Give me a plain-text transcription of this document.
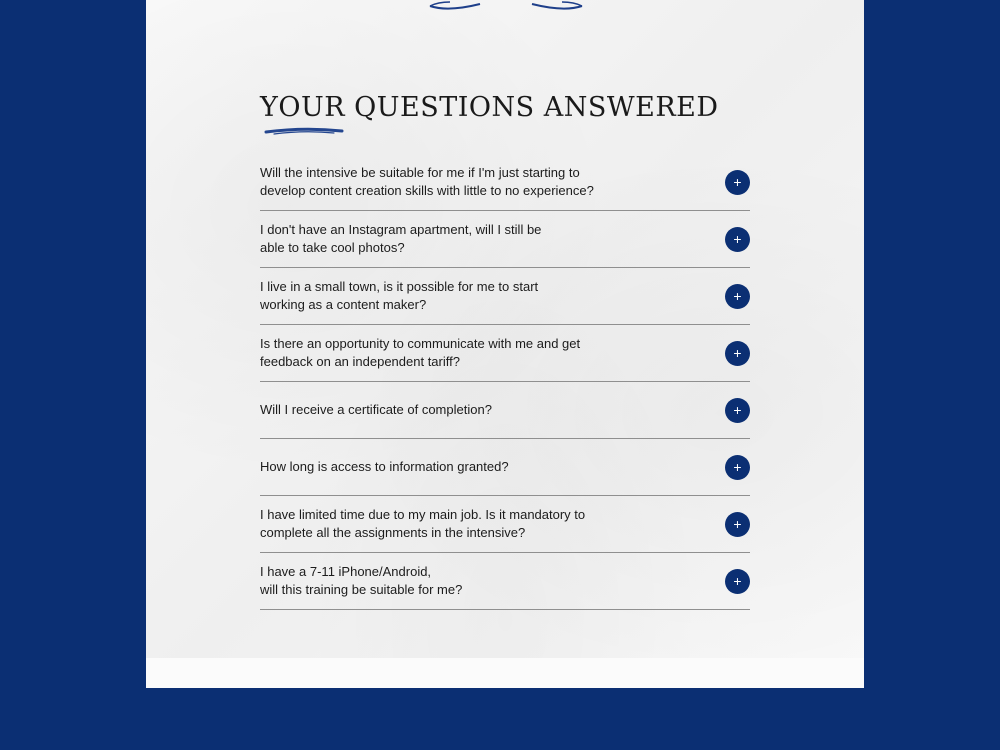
YOUR QUESTIONS ANSWERED
Will the intensive be suitable for me if I'm just starting to
develop content creation skills with little to no experience?
+
I don't have an Instagram apartment, will I still be
able to take cool photos?
+
I live in a small town, is it possible for me to start
working as a content maker?
+
Is there an opportunity to communicate with me and get
feedback on an independent tariff?
+
Will I receive a certificate of completion?	+
How long is access to information granted?	+
I have limited time due to my main job. Is it mandatory to
complete all the assignments in the intensive?
+
I have a 7-11 iPhone/Android,
will this training be suitable for me?
+
